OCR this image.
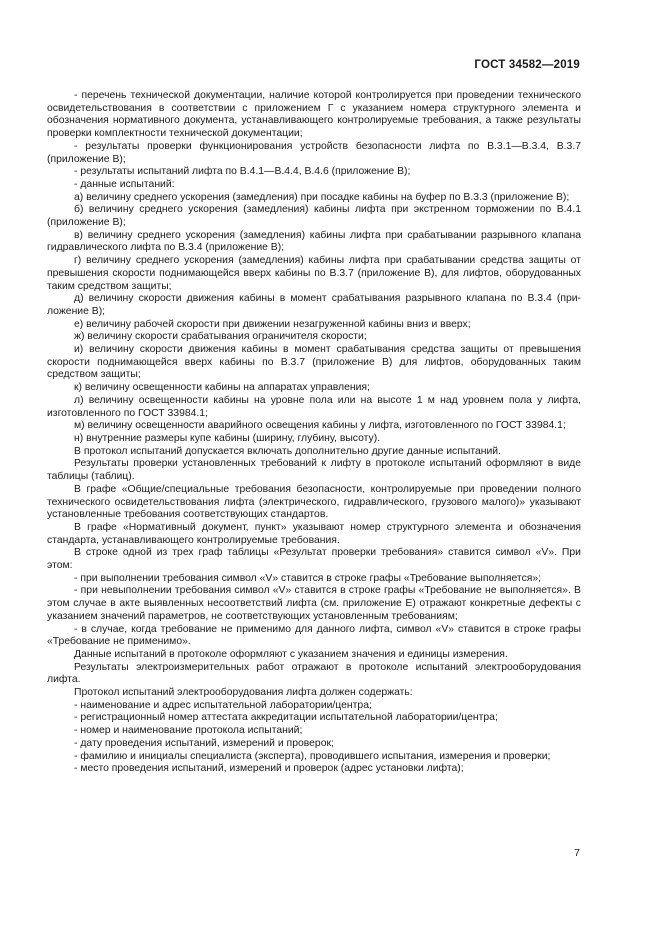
ГОСТ 34582—2019

- перечень технической документации, наличие которой контролируется при проведении технического освидетельствования в соответствии с приложением Г с указанием номера структурного элемента и обозначения нормативного документа, устанавливающего контролируемые требования, а также результаты проверки комплектности технической документации;

- результаты проверки функционирования устройств безопасности лифта по В.3.1—В.3.4, В.3.7 (приложение В);

- результаты испытаний лифта по В.4.1—В.4.4, В.4.6 (приложение В);

- данные испытаний:

а) величину среднего ускорения (замедления) при посадке кабины на буфер по В.3.3 (приложение В);

б) величину среднего ускорения (замедления) кабины лифта при экстренном торможении по В.4.1 (приложение В);

в) величину среднего ускорения (замедления) кабины лифта при срабатывании разрывного клапана гидравлического лифта по В.3.4 (приложение В);

г) величину среднего ускорения (замедления) кабины лифта при срабатывании средства защиты от превышения скорости поднимающейся вверх кабины по В.3.7 (приложение В), для лифтов, оборудованных таким средством защиты;

д) величину скорости движения кабины в момент срабатывания разрывного клапана по В.3.4 (приложение В);

е) величину рабочей скорости при движении незагруженной кабины вниз и вверх;

ж) величину скорости срабатывания ограничителя скорости;

и) величину скорости движения кабины в момент срабатывания средства защиты от превышения скорости поднимающейся вверх кабины по В.3.7 (приложение В) для лифтов, оборудованных таким средством защиты;

к) величину освещенности кабины на аппаратах управления;

л) величину освещенности кабины на уровне пола или на высоте 1 м над уровнем пола у лифта, изготовленного по ГОСТ 33984.1;

м) величину освещенности аварийного освещения кабины у лифта, изготовленного по ГОСТ 33984.1;

н) внутренние размеры купе кабины (ширину, глубину, высоту).

В протокол испытаний допускается включать дополнительно другие данные испытаний.

Результаты проверки установленных требований к лифту в протоколе испытаний оформляют в виде таблицы (таблиц).

В графе «Общие/специальные требования безопасности, контролируемые при проведении полного технического освидетельствования лифта (электрического, гидравлического, грузового малого)» указывают установленные требования соответствующих стандартов.

В графе «Нормативный документ, пункт» указывают номер структурного элемента и обозначения стандарта, устанавливающего контролируемые требования.

В строке одной из трех граф таблицы «Результат проверки требования» ставится символ «V». При этом:

- при выполнении требования символ «V» ставится в строке графы «Требование выполняется»;

- при невыполнении требования символ «V» ставится в строке графы «Требование не выполняется». В этом случае в акте выявленных несоответствий лифта (см. приложение Е) отражают конкретные дефекты с указанием значений параметров, не соответствующих установленным требованиям;

- в случае, когда требование не применимо для данного лифта, символ «V» ставится в строке графы «Требование не применимо».

Данные испытаний в протоколе оформляют с указанием значения и единицы измерения.

Результаты электроизмерительных работ отражают в протоколе испытаний электрооборудования лифта.

Протокол испытаний электрооборудования лифта должен содержать:

- наименование и адрес испытательной лаборатории/центра;

- регистрационный номер аттестата аккредитации испытательной лаборатории/центра;

- номер и наименование протокола испытаний;

- дату проведения испытаний, измерений и проверок;

- фамилию и инициалы специалиста (эксперта), проводившего испытания, измерения и проверки;

- место проведения испытаний, измерений и проверок (адрес установки лифта);

7
